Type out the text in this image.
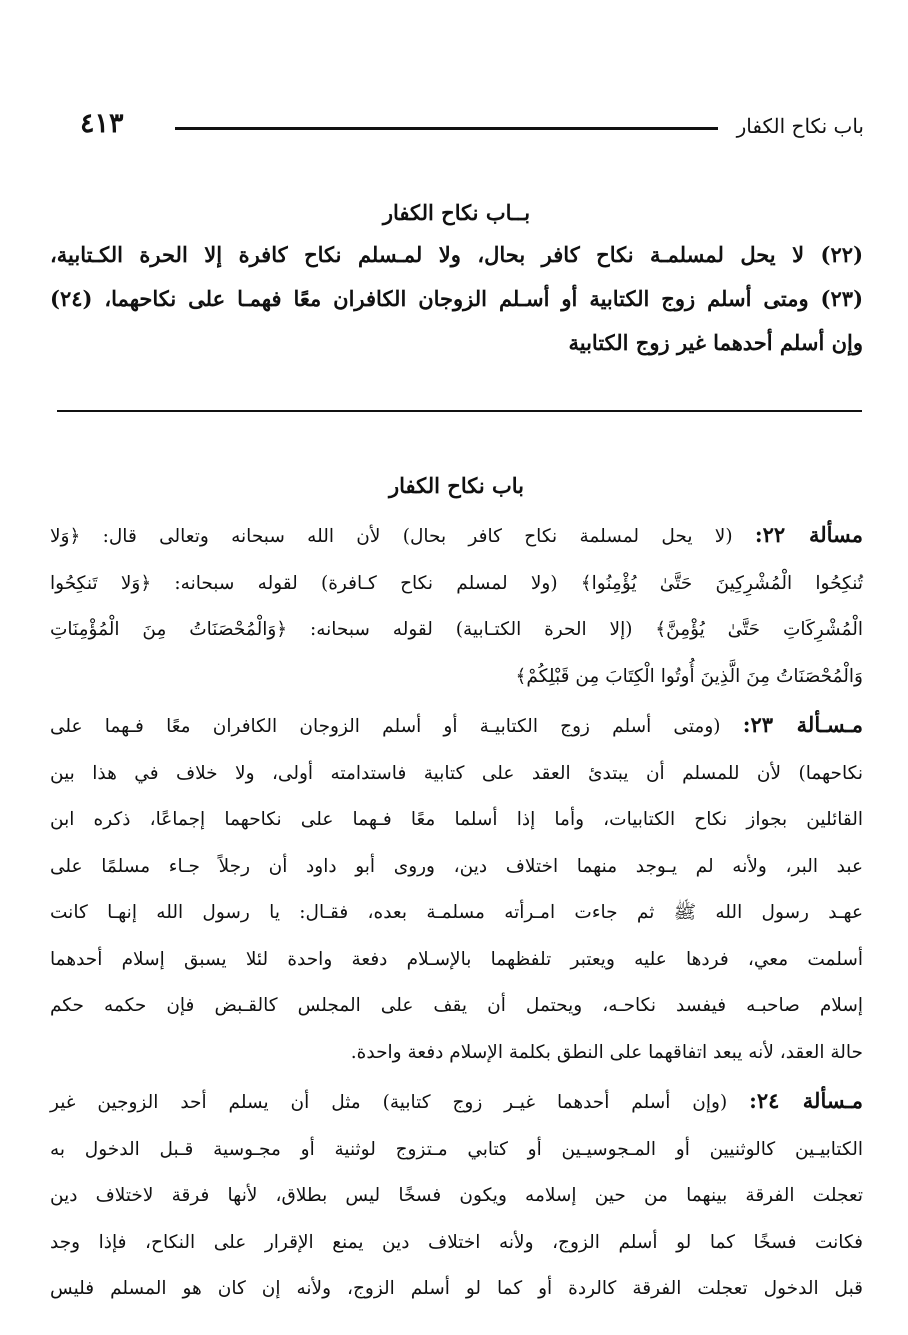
٤١٣	باب نكاح الكفار

بــاب نكاح الكفار

(٢٢) لا يحل لمسلمـة نكاح كافر بحال، ولا لمـسلم نكاح كافرة إلا الحرة الكـتابية،

(٢٣) ومتى أسلم زوج الكتابية أو أسـلم الزوجان الكافران معًا فهمـا على نكاحهما، (٢٤)

وإن أسلم أحدهما غير زوج الكتابية

باب نكاح الكفار

مسألة ٢٢: (لا يحل لمسلمة نكاح كافر بحال) لأن الله سبحانه وتعالى قال: ﴿وَلا

تُنكِحُوا الْمُشْرِكِينَ حَتَّىٰ يُؤْمِنُوا﴾ (ولا لمسلم نكاح كـافرة) لقوله سبحانه: ﴿وَلا تَنكِحُوا

الْمُشْرِكَاتِ حَتَّىٰ يُؤْمِنَّ﴾ (إلا الحرة الكتـابية) لقوله سبحانه: ﴿وَالْمُحْصَنَاتُ مِنَ الْمُؤْمِنَاتِ

وَالْمُحْصَنَاتُ مِنَ الَّذِينَ أُوتُوا الْكِتَابَ مِن قَبْلِكُمْ﴾

مـسـألة ٢٣: (ومتى أسلم زوج الكتابيـة أو أسلم الزوجان الكافران معًا فـهما على

نكاحهما) لأن للمسلم أن يبتدئ العقد على كتابية فاستدامته أولى، ولا خلاف في هذا بين

القائلين بجواز نكاح الكتابيات، وأما إذا أسلما معًا فـهما على نكاحهما إجماعًا، ذكره ابن

عبد البر، ولأنه لم يـوجد منهما اختلاف دين، وروى أبو داود أن رجلاً جـاء مسلمًا على

عهـد رسول الله ﷺ ثم جاءت امـرأته مسلمـة بعده، فقـال: يا رسول الله إنهـا كانت

أسلمت معي، فردها عليه ويعتبر تلفظهما بالإسـلام دفعة واحدة لئلا يسبق إسلام أحدهما

إسلام صاحبـه فيفسد نكاحـه، ويحتمل أن يقف على المجلس كالقـبض فإن حكمه حكم

حالة العقد، لأنه يبعد اتفاقهما على النطق بكلمة الإسلام دفعة واحدة.

مـسألة ٢٤: (وإن أسلم أحدهما غيـر زوج كتابية) مثل أن يسلم أحد الزوجين غير

الكتابيـين كالوثنيين أو المـجوسيـين أو كتابي مـتزوج لوثنية أو مجـوسية قـبل الدخول به

تعجلت الفرقة بينهما من حين إسلامه ويكون فسخًا ليس بطلاق، لأنها فرقة لاختلاف دين

فكانت فسخًا كما لو أسلم الزوج، ولأنه اختلاف دين يمنع الإقرار على النكاح، فإذا وجد

قبل الدخول تعجلت الفرقة كالردة أو كما لو أسلم الزوج، ولأنه إن كان هو المسلم فليس
